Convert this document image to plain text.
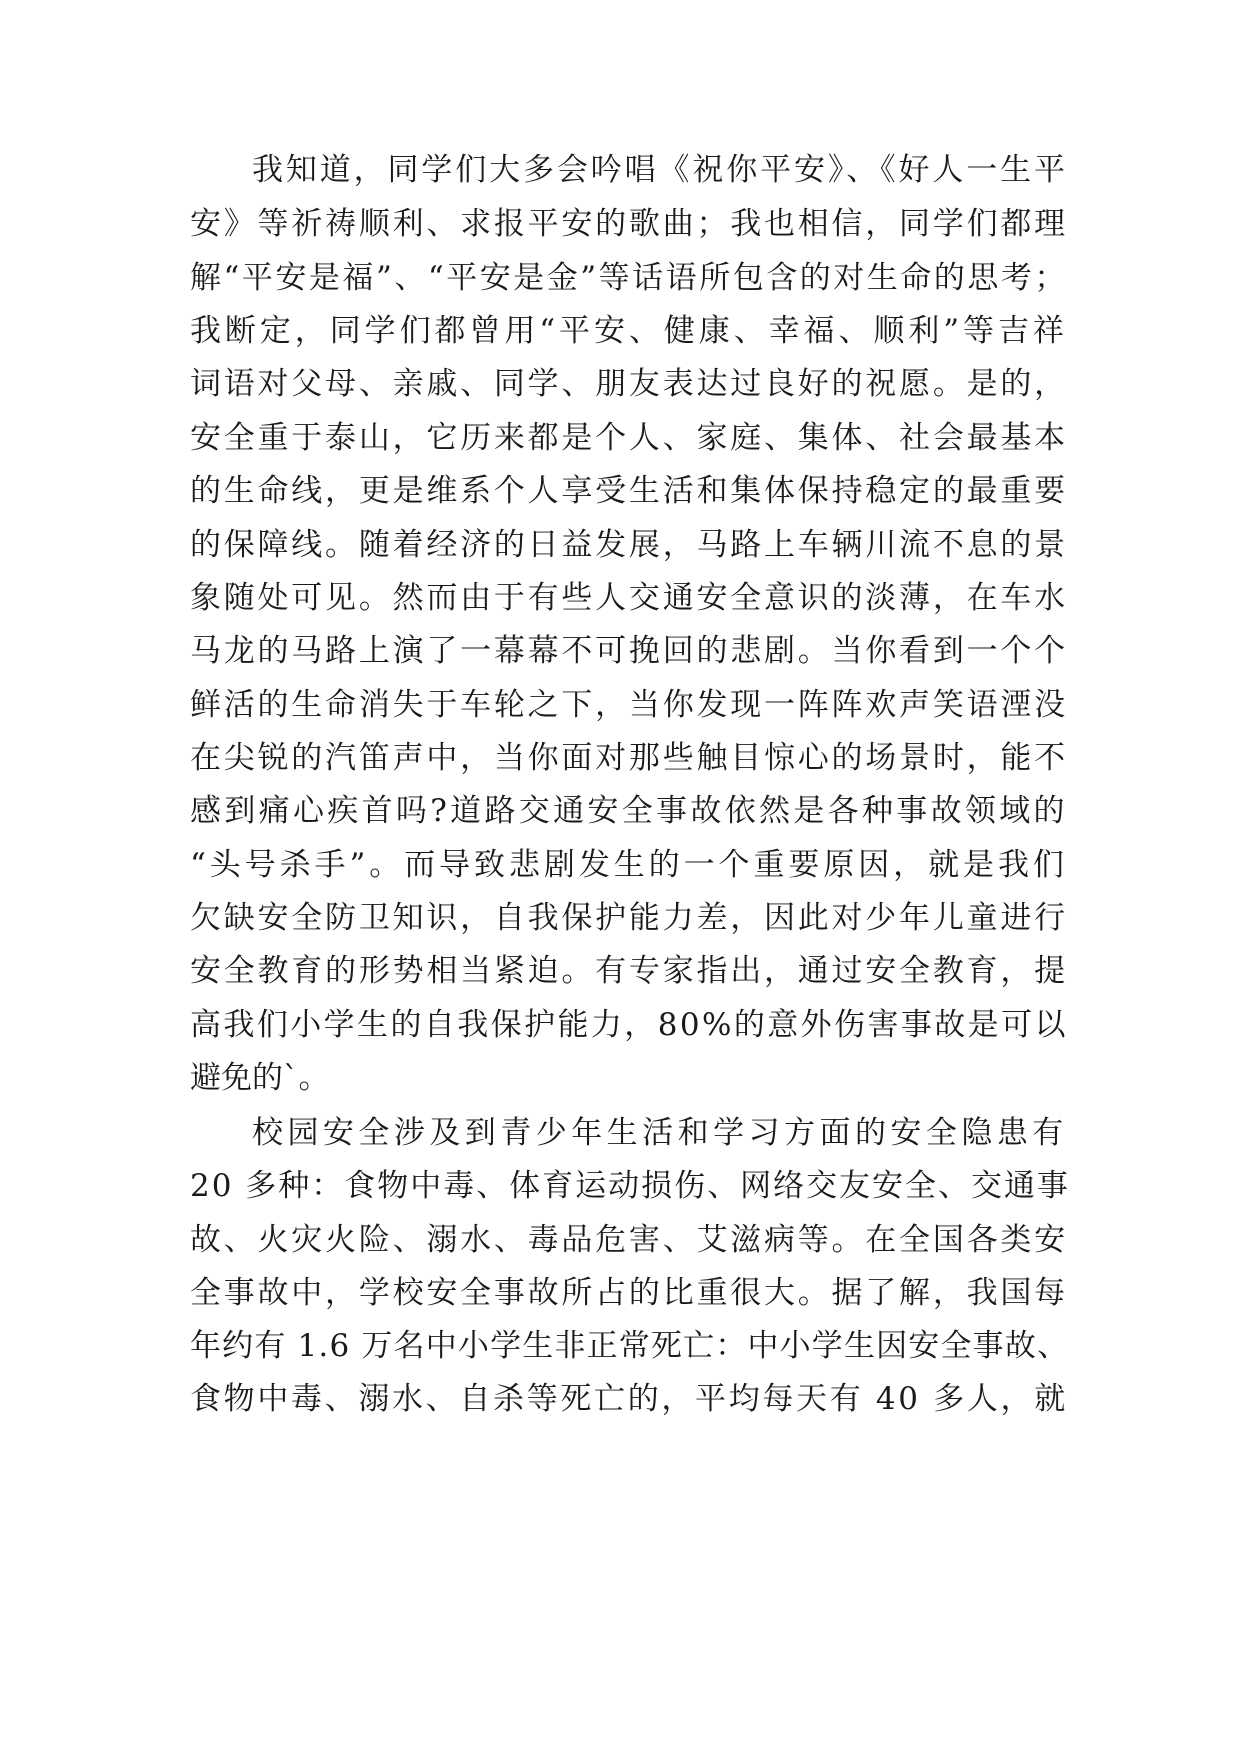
我知道，同学们大多会吟唱《祝你平安》、《好人一生平
安》等祈祷顺利、求报平安的歌曲；我也相信，同学们都理
解“平安是福”、“平安是金”等话语所包含的对生命的思考；
我断定，同学们都曾用“平安、健康、幸福、顺利”等吉祥
词语对父母、亲戚、同学、朋友表达过良好的祝愿。是的，
安全重于泰山，它历来都是个人、家庭、集体、社会最基本
的生命线，更是维系个人享受生活和集体保持稳定的最重要
的保障线。随着经济的日益发展，马路上车辆川流不息的景
象随处可见。然而由于有些人交通安全意识的淡薄，在车水
马龙的马路上演了一幕幕不可挽回的悲剧。当你看到一个个
鲜活的生命消失于车轮之下，当你发现一阵阵欢声笑语湮没
在尖锐的汽笛声中，当你面对那些触目惊心的场景时，能不
感到痛心疾首吗?道路交通安全事故依然是各种事故领域的
“头号杀手”。而导致悲剧发生的一个重要原因，就是我们
欠缺安全防卫知识，自我保护能力差，因此对少年儿童进行
安全教育的形势相当紧迫。有专家指出，通过安全教育，提
高我们小学生的自我保护能力，80%的意外伤害事故是可以
避免的`。
校园安全涉及到青少年生活和学习方面的安全隐患有
20 多种：食物中毒、体育运动损伤、网络交友安全、交通事
故、火灾火险、溺水、毒品危害、艾滋病等。在全国各类安
全事故中，学校安全事故所占的比重很大。据了解，我国每
年约有 1.6 万名中小学生非正常死亡：中小学生因安全事故、
食物中毒、溺水、自杀等死亡的，平均每天有 40 多人，就
